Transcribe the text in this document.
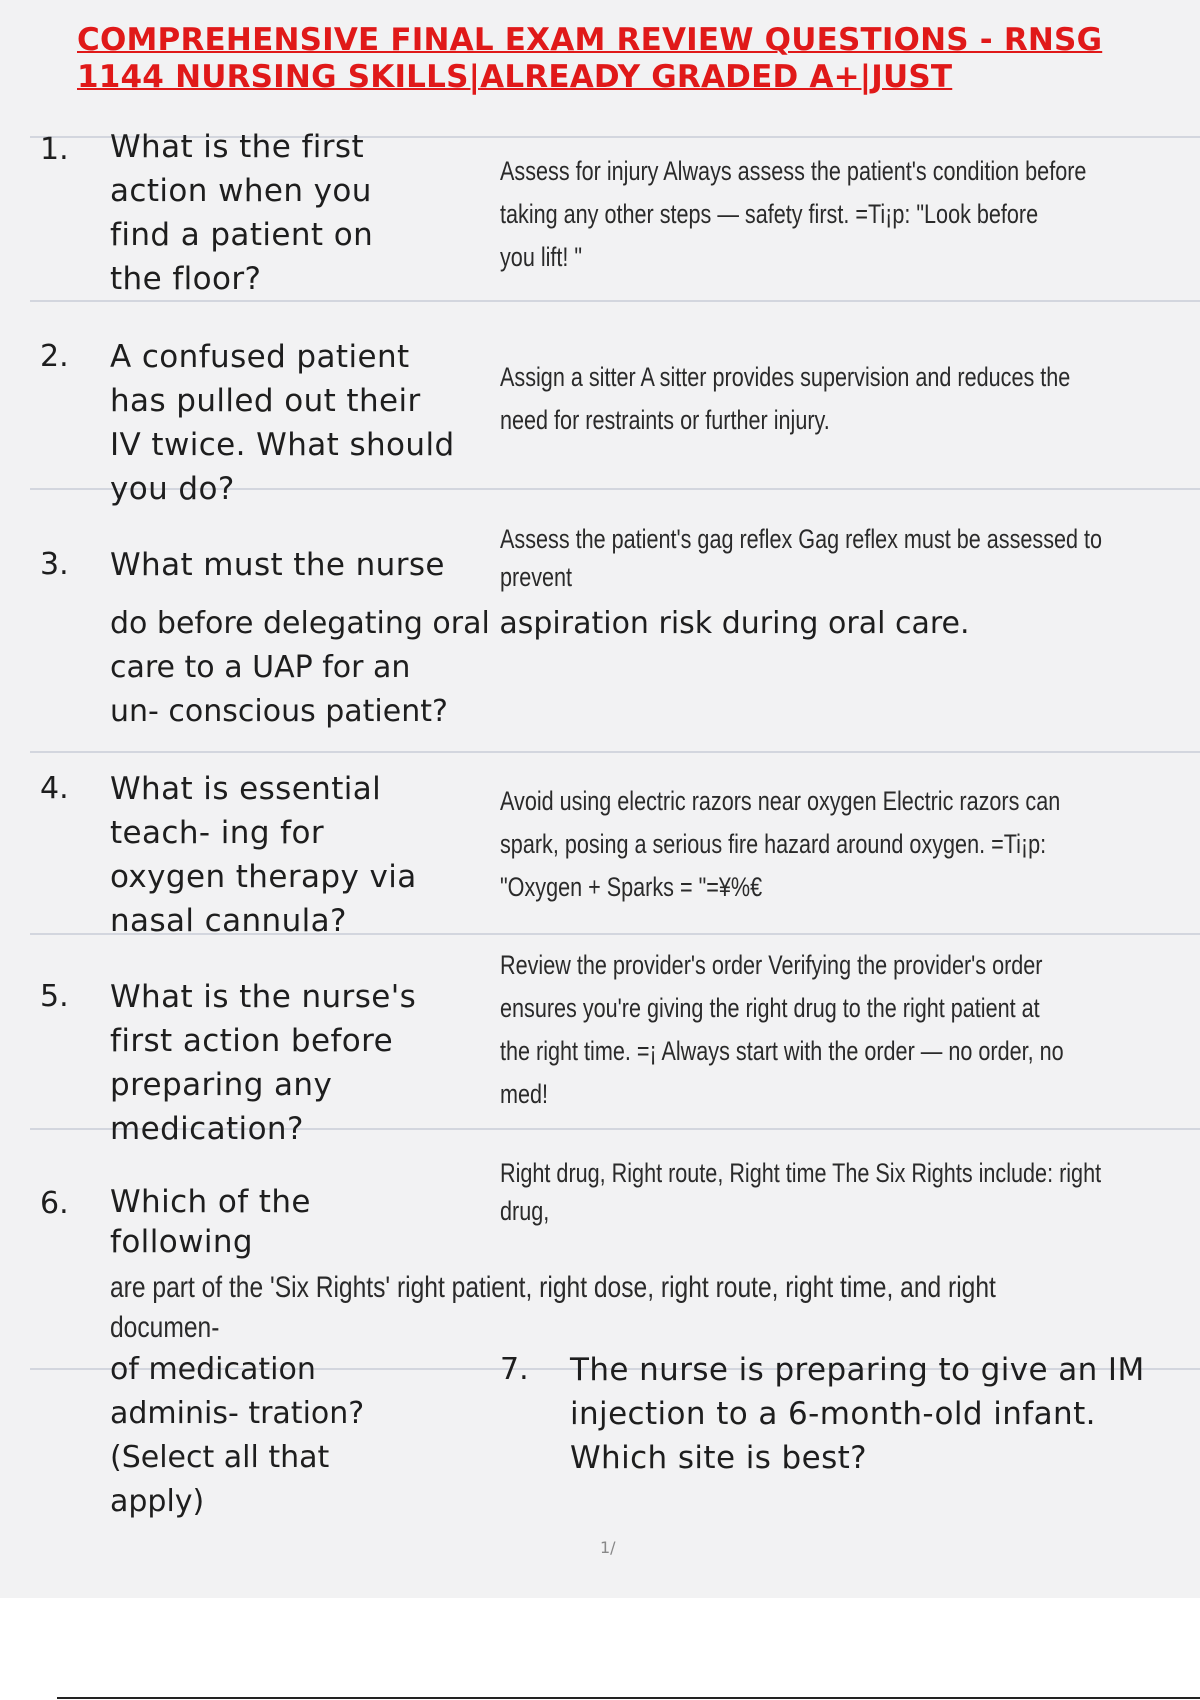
COMPREHENSIVE FINAL EXAM REVIEW QUESTIONS - RNSG
1144 NURSING SKILLS|ALREADY GRADED A+|JUST
1. What is the first
action when you
find a patient on
the floor?
Assess for injury Always assess the patient's condition before
taking any other steps — safety first. =Ti¡p: "Look before
you lift! "
2. A confused patient
has pulled out their
IV twice. What should
you do?
Assign a sitter A sitter provides supervision and reduces the
need for restraints or further injury.
3. What must the nurse
Assess the patient's gag reflex Gag reflex must be assessed to
prevent
do before delegating oral aspiration risk during oral care.
care to a UAP for an
un- conscious patient?
4. What is essential
teach- ing for
oxygen therapy via
nasal cannula?
Avoid using electric razors near oxygen Electric razors can
spark, posing a serious fire hazard around oxygen. =Ti¡p:
"Oxygen + Sparks = "=¥%€
5. What is the nurse's
first action before
preparing any
medication?
Review the provider's order Verifying the provider's order
ensures you're giving the right drug to the right patient at
the right time. =¡ Always start with the order — no order, no
med!
6. Which of the
following
Right drug, Right route, Right time The Six Rights include: right
drug,
are part of the 'Six Rights' right patient, right dose, right route, right time, and right
documen-
of medication
adminis- tration?
(Select all that
apply)
7. The nurse is preparing to give an IM
injection to a 6-month-old infant.
Which site is best?
1/
